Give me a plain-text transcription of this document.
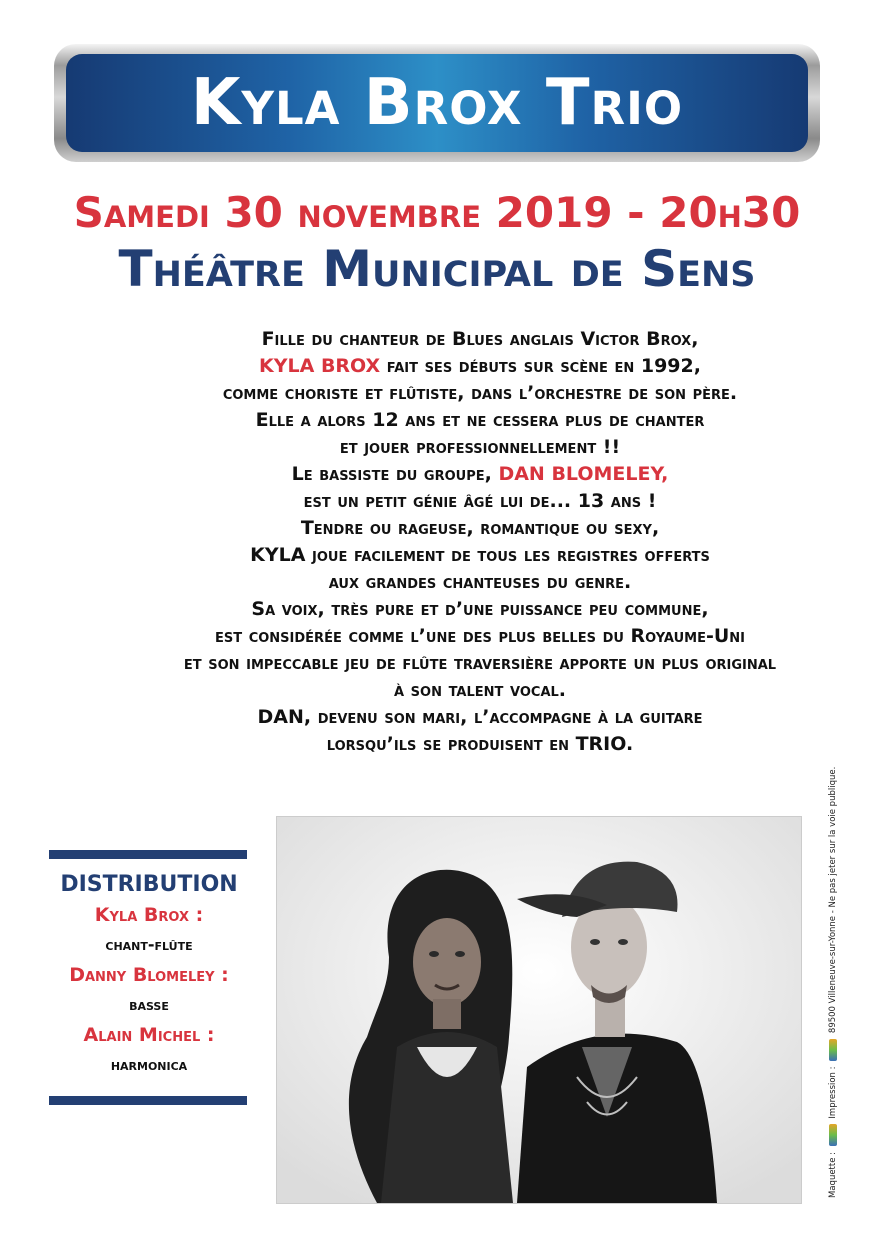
Kyla Brox Trio
Samedi 30 novembre 2019 - 20h30
Théâtre Municipal de Sens

Fille du chanteur de Blues anglais Victor Brox,

KYLA BROX fait ses débuts sur scène en 1992,

comme choriste et flûtiste, dans l’orchestre de son père.

Elle a alors 12 ans et ne cessera plus de chanter

et jouer professionnellement !!

Le bassiste du groupe, DAN BLOMELEY,

est un petit génie âgé lui de... 13 ans !

Tendre ou rageuse, romantique ou sexy,

KYLA joue facilement de tous les registres offerts

aux grandes chanteuses du genre.

Sa voix, très pure et d’une puissance peu commune,

est considérée comme l’une des plus belles du Royaume-Uni

et son impeccable jeu de flûte traversière apporte un plus original

à son talent vocal.

DAN, devenu son mari, l’accompagne à la guitare

lorsqu’ils se produisent en TRIO.

DISTRIBUTION

Kyla Brox :

chant-flûte

Danny Blomeley :

basse

Alain Michel :

harmonica

Maquette :  Impression :  89500 Villeneuve-sur-Yonne - Ne pas jeter sur la voie publique.
